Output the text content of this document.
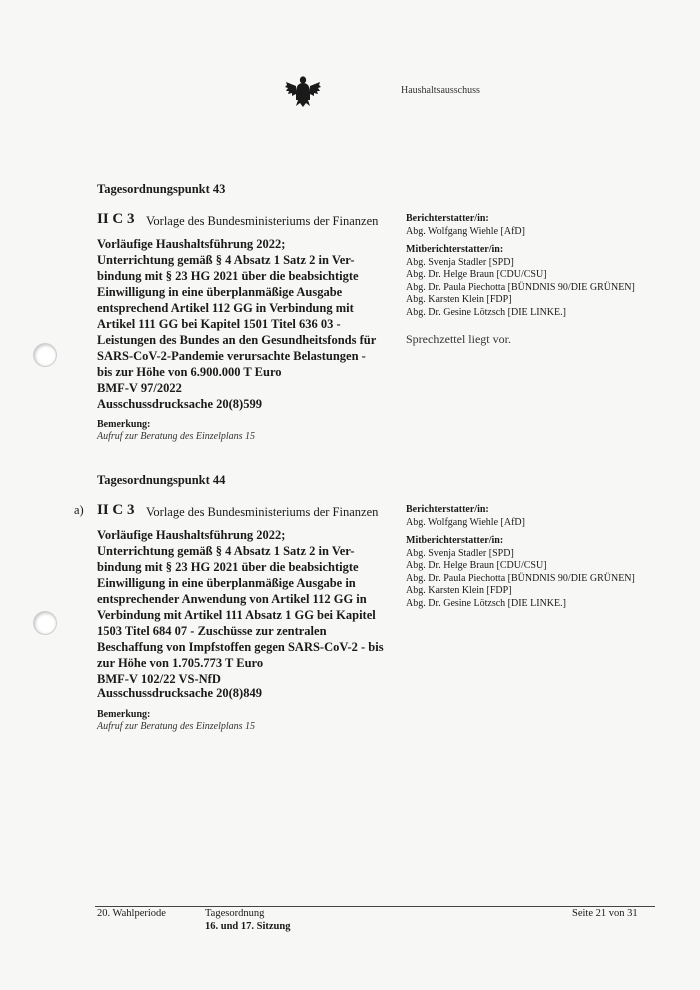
Haushaltsausschuss
Tagesordnungspunkt 43
II C 3 Vorlage des Bundesministeriums der Finanzen
Vorläufige Haushaltsführung 2022;
Unterrichtung gemäß § 4 Absatz 1 Satz 2 in Ver-
bindung mit § 23 HG 2021 über die beabsichtigte
Einwilligung in eine überplanmäßige Ausgabe
entsprechend Artikel 112 GG in Verbindung mit
Artikel 111 GG bei Kapitel 1501 Titel 636 03 -
Leistungen des Bundes an den Gesundheitsfonds für
SARS-CoV-2-Pandemie verursachte Belastungen -
bis zur Höhe von 6.900.000 T Euro
BMF-V 97/2022
Ausschussdrucksache 20(8)599
Bemerkung:
Aufruf zur Beratung des Einzelplans 15
Berichterstatter/in:
Abg. Wolfgang Wiehle [AfD]
Mitberichterstatter/in:
Abg. Svenja Stadler [SPD]
Abg. Dr. Helge Braun [CDU/CSU]
Abg. Dr. Paula Piechotta [BÜNDNIS 90/DIE GRÜNEN]
Abg. Karsten Klein [FDP]
Abg. Dr. Gesine Lötzsch [DIE LINKE.]
Sprechzettel liegt vor.
Tagesordnungspunkt 44
a) II C 3 Vorlage des Bundesministeriums der Finanzen
Vorläufige Haushaltsführung 2022;
Unterrichtung gemäß § 4 Absatz 1 Satz 2 in Ver-
bindung mit § 23 HG 2021 über die beabsichtigte
Einwilligung in eine überplanmäßige Ausgabe in
entsprechender Anwendung von Artikel 112 GG in
Verbindung mit Artikel 111 Absatz 1 GG bei Kapitel
1503 Titel 684 07 - Zuschüsse zur zentralen
Beschaffung von Impfstoffen gegen SARS-CoV-2 - bis
zur Höhe von 1.705.773 T Euro
BMF-V 102/22 VS-NfD
Ausschussdrucksache 20(8)849
Bemerkung:
Aufruf zur Beratung des Einzelplans 15
Berichterstatter/in:
Abg. Wolfgang Wiehle [AfD]
Mitberichterstatter/in:
Abg. Svenja Stadler [SPD]
Abg. Dr. Helge Braun [CDU/CSU]
Abg. Dr. Paula Piechotta [BÜNDNIS 90/DIE GRÜNEN]
Abg. Karsten Klein [FDP]
Abg. Dr. Gesine Lötzsch [DIE LINKE.]
20. Wahlperiode	Tagesordnung
16. und 17. Sitzung
Seite 21 von 31
